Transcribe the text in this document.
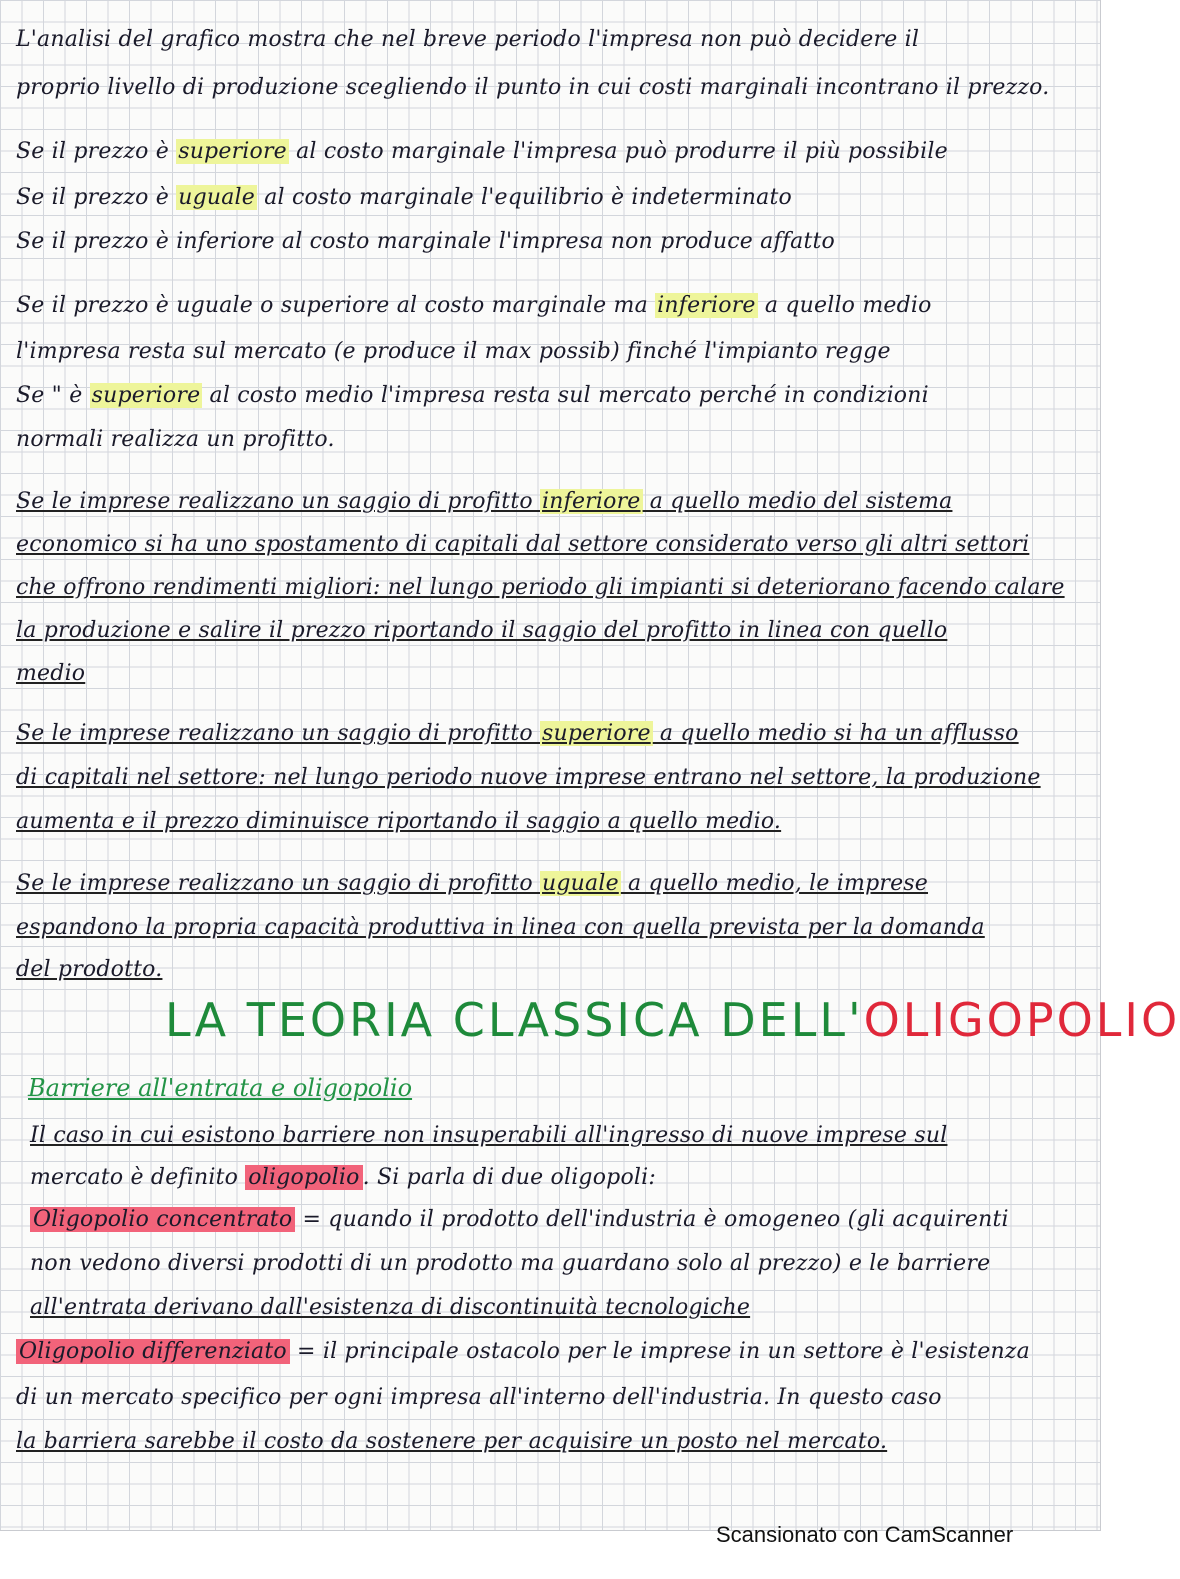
L'analisi del grafico mostra che nel breve periodo l'impresa non può decidere il
proprio livello di produzione scegliendo il punto in cui costi marginali incontrano il prezzo.
Se il prezzo è superiore al costo marginale l'impresa può produrre il più possibile
Se il prezzo è uguale al costo marginale l'equilibrio è indeterminato
Se il prezzo è inferiore al costo marginale l'impresa non produce affatto
Se il prezzo è uguale o superiore al costo marginale ma inferiore a quello medio
l'impresa resta sul mercato (e produce il max possib) finché l'impianto regge
Se " è superiore al costo medio l'impresa resta sul mercato perché in condizioni
normali realizza un profitto.
Se le imprese realizzano un saggio di profitto inferiore a quello medio del sistema
economico si ha uno spostamento di capitali dal settore considerato verso gli altri settori
che offrono rendimenti migliori: nel lungo periodo gli impianti si deteriorano facendo calare
la produzione e salire il prezzo riportando il saggio del profitto in linea con quello
medio
Se le imprese realizzano un saggio di profitto superiore a quello medio si ha un afflusso
di capitali nel settore: nel lungo periodo nuove imprese entrano nel settore, la produzione
aumenta e il prezzo diminuisce riportando il saggio a quello medio.
Se le imprese realizzano un saggio di profitto uguale a quello medio, le imprese
espandono la propria capacità produttiva in linea con quella prevista per la domanda
del prodotto.
LA TEORIA CLASSICA DELL'OLIGOPOLIO
Barriere all'entrata e oligopolio
Il caso in cui esistono barriere non insuperabili all'ingresso di nuove imprese sul
mercato è definito oligopolio . Si parla di due oligopoli:
Oligopolio concentrato = quando il prodotto dell'industria è omogeneo (gli acquirenti
non vedono diversi prodotti di un prodotto ma guardano solo al prezzo) e le barriere
all'entrata derivano dall'esistenza di discontinuità tecnologiche
Oligopolio differenziato = il principale ostacolo per le imprese in un settore è l'esistenza
di un mercato specifico per ogni impresa all'interno dell'industria. In questo caso
la barriera sarebbe il costo da sostenere per acquisire un posto nel mercato.
Scansionato con CamScanner
